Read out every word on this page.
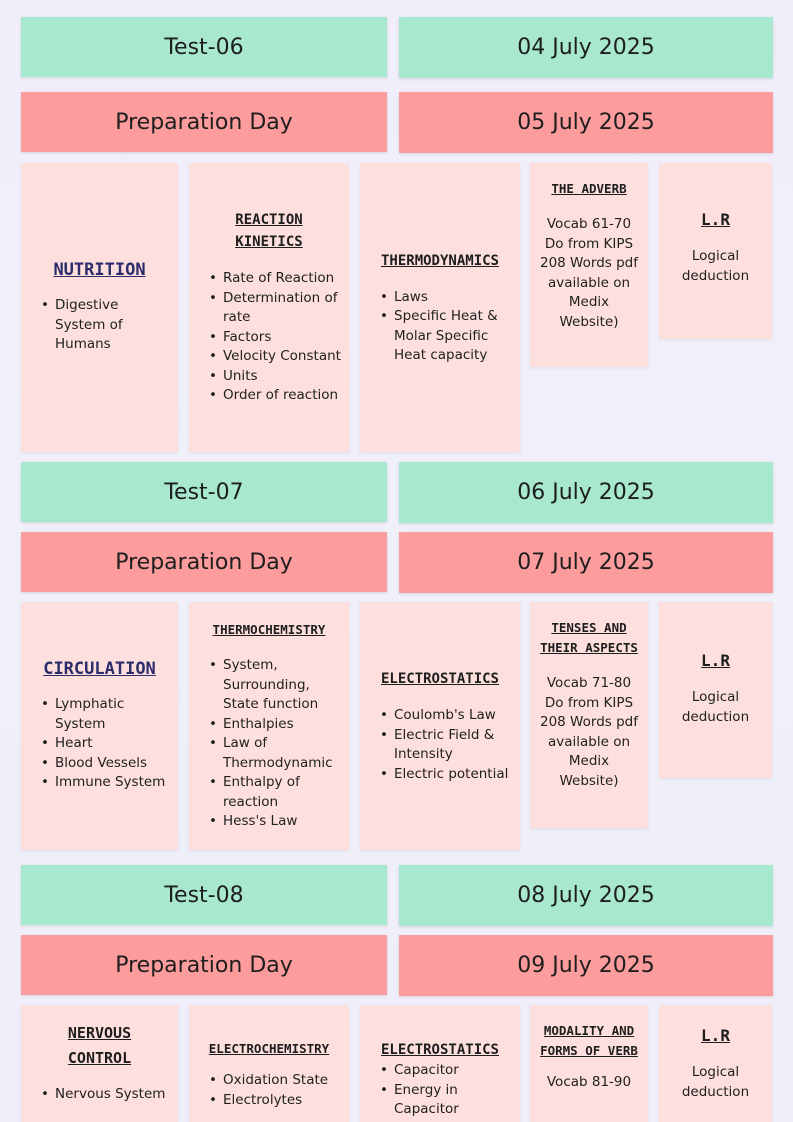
Test-06	04 July 2025
Preparation Day	05 July 2025
NUTRITION
• Digestive System of Humans
REACTION
KINETICS
• Rate of Reaction
• Determination of rate
• Factors
• Velocity Constant
• Units
• Order of reaction
THERMODYNAMICS
• Laws
• Specific Heat & Molar Specific Heat capacity
THE ADVERB
Vocab 61-70 Do from KIPS 208 Words pdf available on Medix Website)
L.R
Logical deduction
Test-07	06 July 2025
Preparation Day	07 July 2025
CIRCULATION
• Lymphatic System
• Heart
• Blood Vessels
• Immune System
THERMOCHEMISTRY
• System, Surrounding, State function
• Enthalpies
• Law of Thermodynamic
• Enthalpy of reaction
• Hess's Law
ELECTROSTATICS
• Coulomb's Law
• Electric Field & Intensity
• Electric potential
TENSES AND
THEIR ASPECTS
Vocab 71-80 Do from KIPS 208 Words pdf available on Medix Website)
L.R
Logical deduction
Test-08	08 July 2025
Preparation Day	09 July 2025
NERVOUS
CONTROL
• Nervous System
ELECTROCHEMISTRY
• Oxidation State
• Electrolytes
ELECTROSTATICS
• Capacitor
• Energy in Capacitor
MODALITY AND
FORMS OF VERB
Vocab 81-90
L.R
Logical deduction
